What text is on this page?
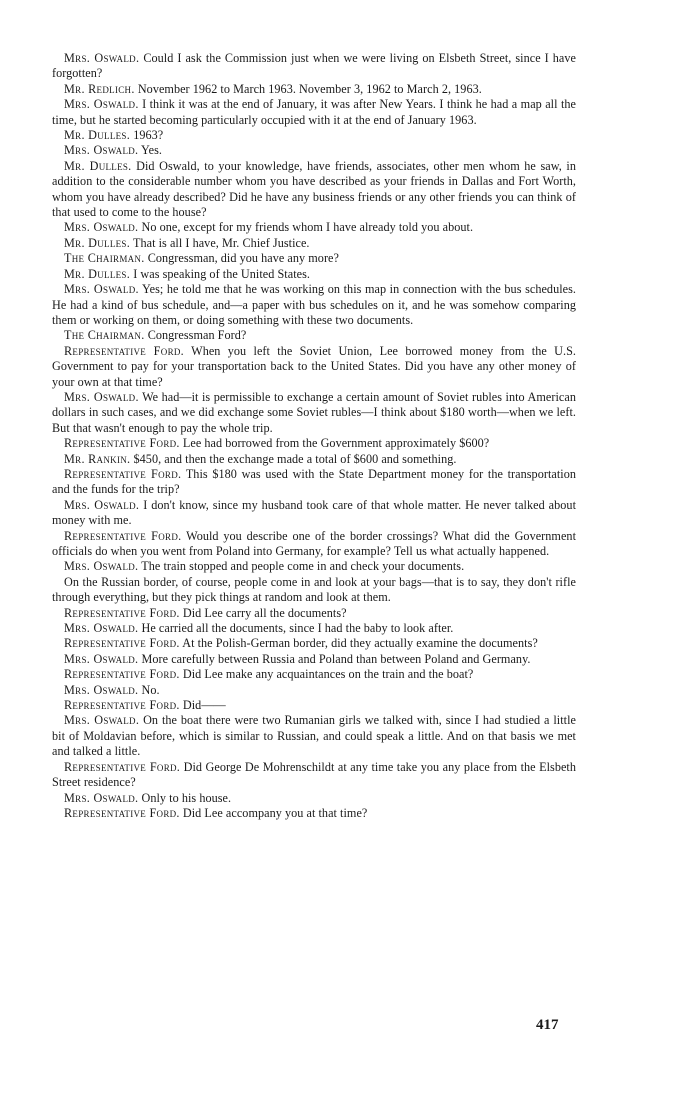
Mrs. Oswald. Could I ask the Commission just when we were living on Elsbeth Street, since I have forgotten?

Mr. Redlich. November 1962 to March 1963. November 3, 1962 to March 2, 1963.

Mrs. Oswald. I think it was at the end of January, it was after New Years. I think he had a map all the time, but he started becoming particularly occupied with it at the end of January 1963.

Mr. Dulles. 1963?

Mrs. Oswald. Yes.

Mr. Dulles. Did Oswald, to your knowledge, have friends, associates, other men whom he saw, in addition to the considerable number whom you have described as your friends in Dallas and Fort Worth, whom you have already described? Did he have any business friends or any other friends you can think of that used to come to the house?

Mrs. Oswald. No one, except for my friends whom I have already told you about.

Mr. Dulles. That is all I have, Mr. Chief Justice.

The Chairman. Congressman, did you have any more?

Mr. Dulles. I was speaking of the United States.

Mrs. Oswald. Yes; he told me that he was working on this map in connection with the bus schedules. He had a kind of bus schedule, and—a paper with bus schedules on it, and he was somehow comparing them or working on them, or doing something with these two documents.

The Chairman. Congressman Ford?

Representative Ford. When you left the Soviet Union, Lee borrowed money from the U.S. Government to pay for your transportation back to the United States. Did you have any other money of your own at that time?

Mrs. Oswald. We had—it is permissible to exchange a certain amount of Soviet rubles into American dollars in such cases, and we did exchange some Soviet rubles—I think about $180 worth—when we left. But that wasn't enough to pay the whole trip.

Representative Ford. Lee had borrowed from the Government approximately $600?

Mr. Rankin. $450, and then the exchange made a total of $600 and something.

Representative Ford. This $180 was used with the State Department money for the transportation and the funds for the trip?

Mrs. Oswald. I don't know, since my husband took care of that whole matter. He never talked about money with me.

Representative Ford. Would you describe one of the border crossings? What did the Government officials do when you went from Poland into Germany, for example? Tell us what actually happened.

Mrs. Oswald. The train stopped and people come in and check your documents.

On the Russian border, of course, people come in and look at your bags—that is to say, they don't rifle through everything, but they pick things at random and look at them.

Representative Ford. Did Lee carry all the documents?

Mrs. Oswald. He carried all the documents, since I had the baby to look after.

Representative Ford. At the Polish-German border, did they actually examine the documents?

Mrs. Oswald. More carefully between Russia and Poland than between Poland and Germany.

Representative Ford. Did Lee make any acquaintances on the train and the boat?

Mrs. Oswald. No.

Representative Ford. Did——

Mrs. Oswald. On the boat there were two Rumanian girls we talked with, since I had studied a little bit of Moldavian before, which is similar to Russian, and could speak a little. And on that basis we met and talked a little.

Representative Ford. Did George De Mohrenschildt at any time take you any place from the Elsbeth Street residence?

Mrs. Oswald. Only to his house.

Representative Ford. Did Lee accompany you at that time?

417
